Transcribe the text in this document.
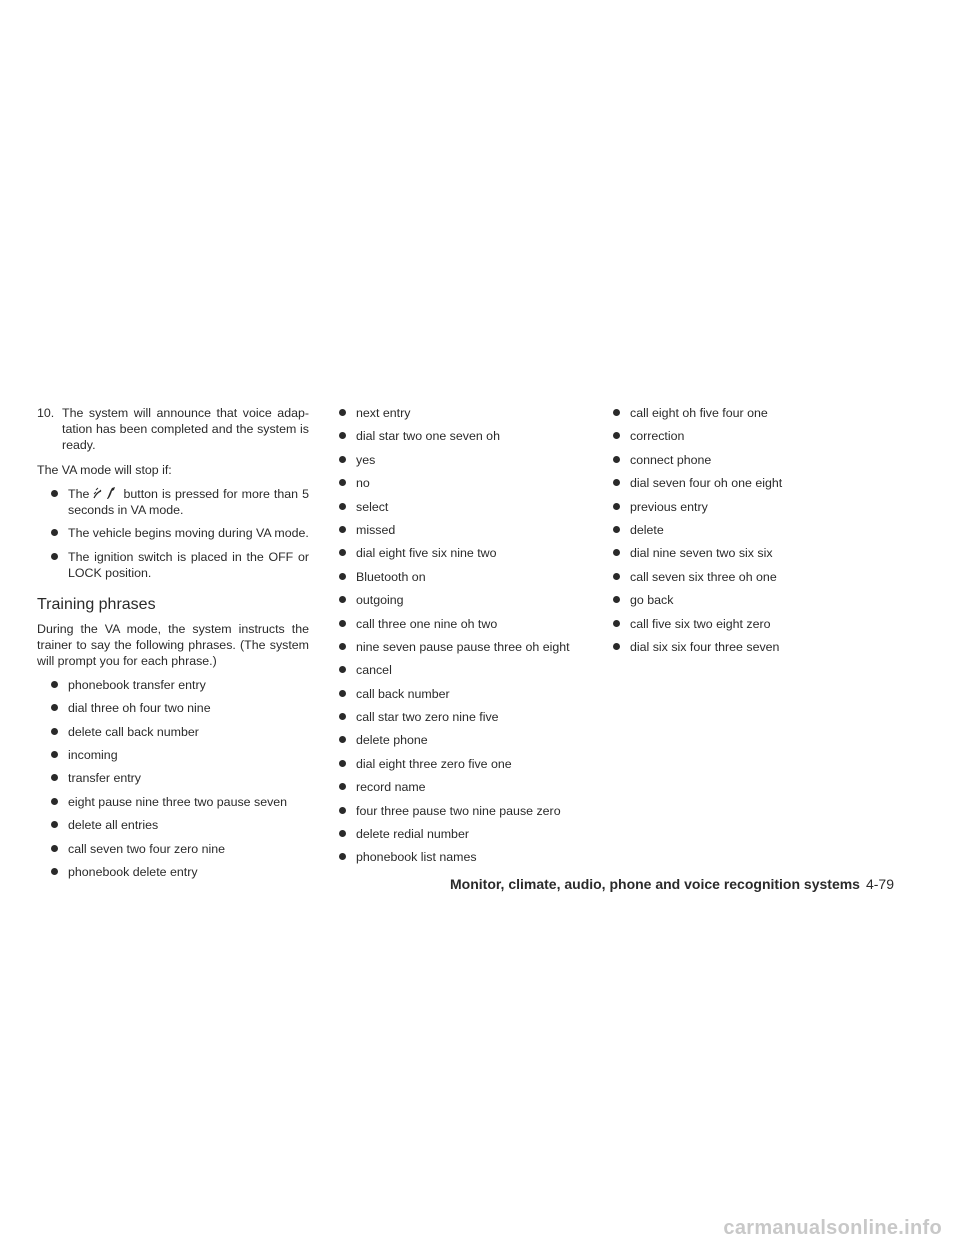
10. The system will announce that voice adap-tation has been completed and the system is ready.

The VA mode will stop if:

The	button is pressed for more than 5 seconds in VA mode.
The vehicle begins moving during VA mode.
The ignition switch is placed in the OFF or LOCK position.
Training phrases

During the VA mode, the system instructs the trainer to say the following phrases. (The system will prompt you for each phrase.)

phonebook transfer entry
dial three oh four two nine
delete call back number
incoming
transfer entry
eight pause nine three two pause seven
delete all entries
call seven two four zero nine
phonebook delete entry
next entry
dial star two one seven oh
yes
no
select
missed
dial eight five six nine two
Bluetooth on
outgoing
call three one nine oh two
nine seven pause pause three oh eight
cancel
call back number
call star two zero nine five
delete phone
dial eight three zero five one
record name
four three pause two nine pause zero
delete redial number
phonebook list names
call eight oh five four one
correction
connect phone
dial seven four oh one eight
previous entry
delete
dial nine seven two six six
call seven six three oh one
go back
call five six two eight zero
dial six six four three seven
Monitor, climate, audio, phone and voice recognition systems 4-79
carmanualsonline.info
